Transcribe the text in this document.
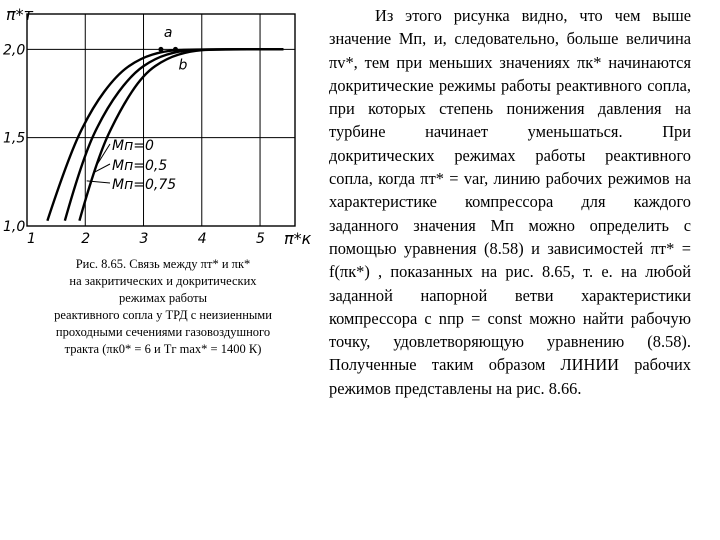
a
b
1	2	3	4	5
1,0
1,5
2,0
π*т
π*к
Mп=0
Mп=0,5
Mп=0,75
Рис. 8.65. Связь между πт* и πк*
на закритических и докритических
режимах работы
реактивного сопла у ТРД с неизиенными
проходными сечениями газовоздушного
тракта (πк0* = 6 и Тг max* = 1400 К)

Из этого рисунка видно, что чем выше значение Mп, и, следовательно, больше величина πv*, тем при меньших значениях πк* начинаются докритические режимы работы реактивного сопла, при которых степень понижения давления на турбине начинает уменьшаться. При докритических режимах работы реактивного сопла, когда πт* = var, линию рабочих режимов на характеристике компрессора для каждого заданного значения Mп можно определить с помощью уравнения (8.58) и зависимостей πт* = f(πк*) , показанных на рис. 8.65, т. е. на любой заданной напорной ветви характеристики компрессора с nпр = const можно найти рабочую точку, удовлетворяющую уравнению (8.58). Полученные таким образом ЛИНИИ рабочих режимов представлены на рис. 8.66.
